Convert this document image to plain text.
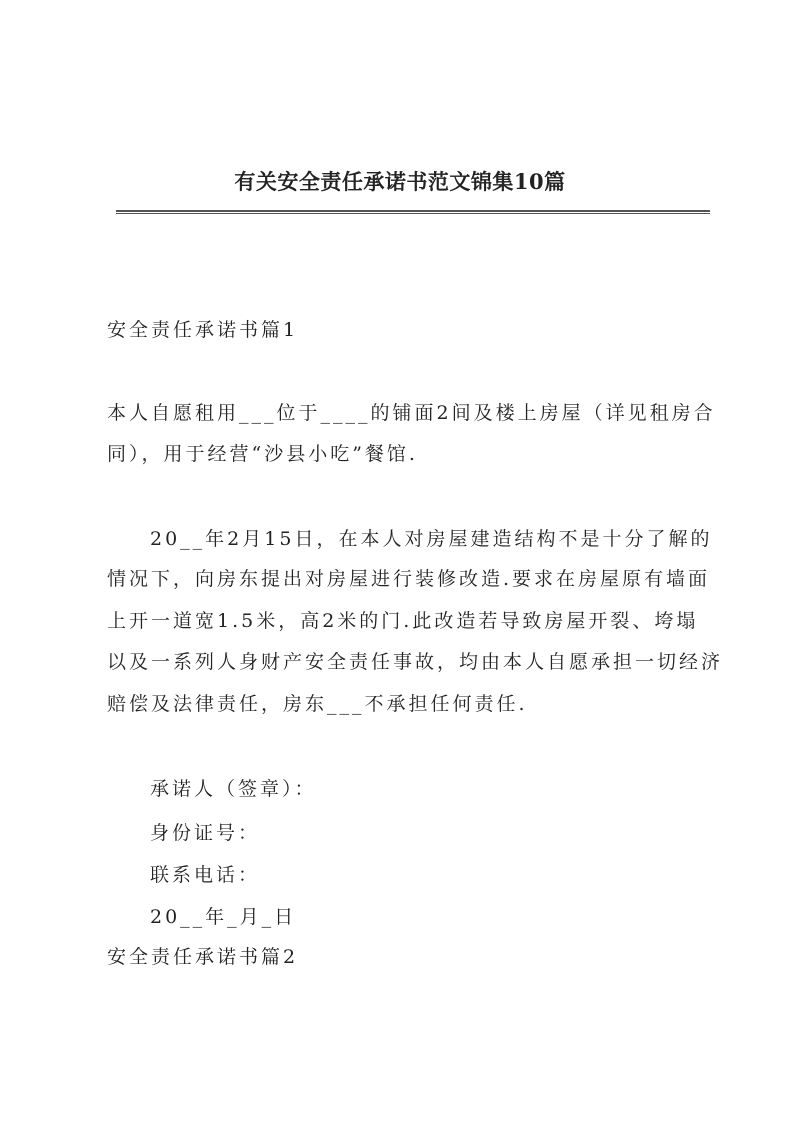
有关安全责任承诺书范文锦集10篇
安全责任承诺书篇1
本人自愿租用___位于____的铺面2间及楼上房屋（详见租房合
同），用于经营“沙县小吃”餐馆.
20__年2月15日，在本人对房屋建造结构不是十分了解的
情况下，向房东提出对房屋进行装修改造.要求在房屋原有墙面
上开一道宽1.5米，高2米的门.此改造若导致房屋开裂、垮塌
以及一系列人身财产安全责任事故，均由本人自愿承担一切经济
赔偿及法律责任，房东___不承担任何责任.
承诺人（签章）：
身份证号：
联系电话：
20__年_月_日
安全责任承诺书篇2
